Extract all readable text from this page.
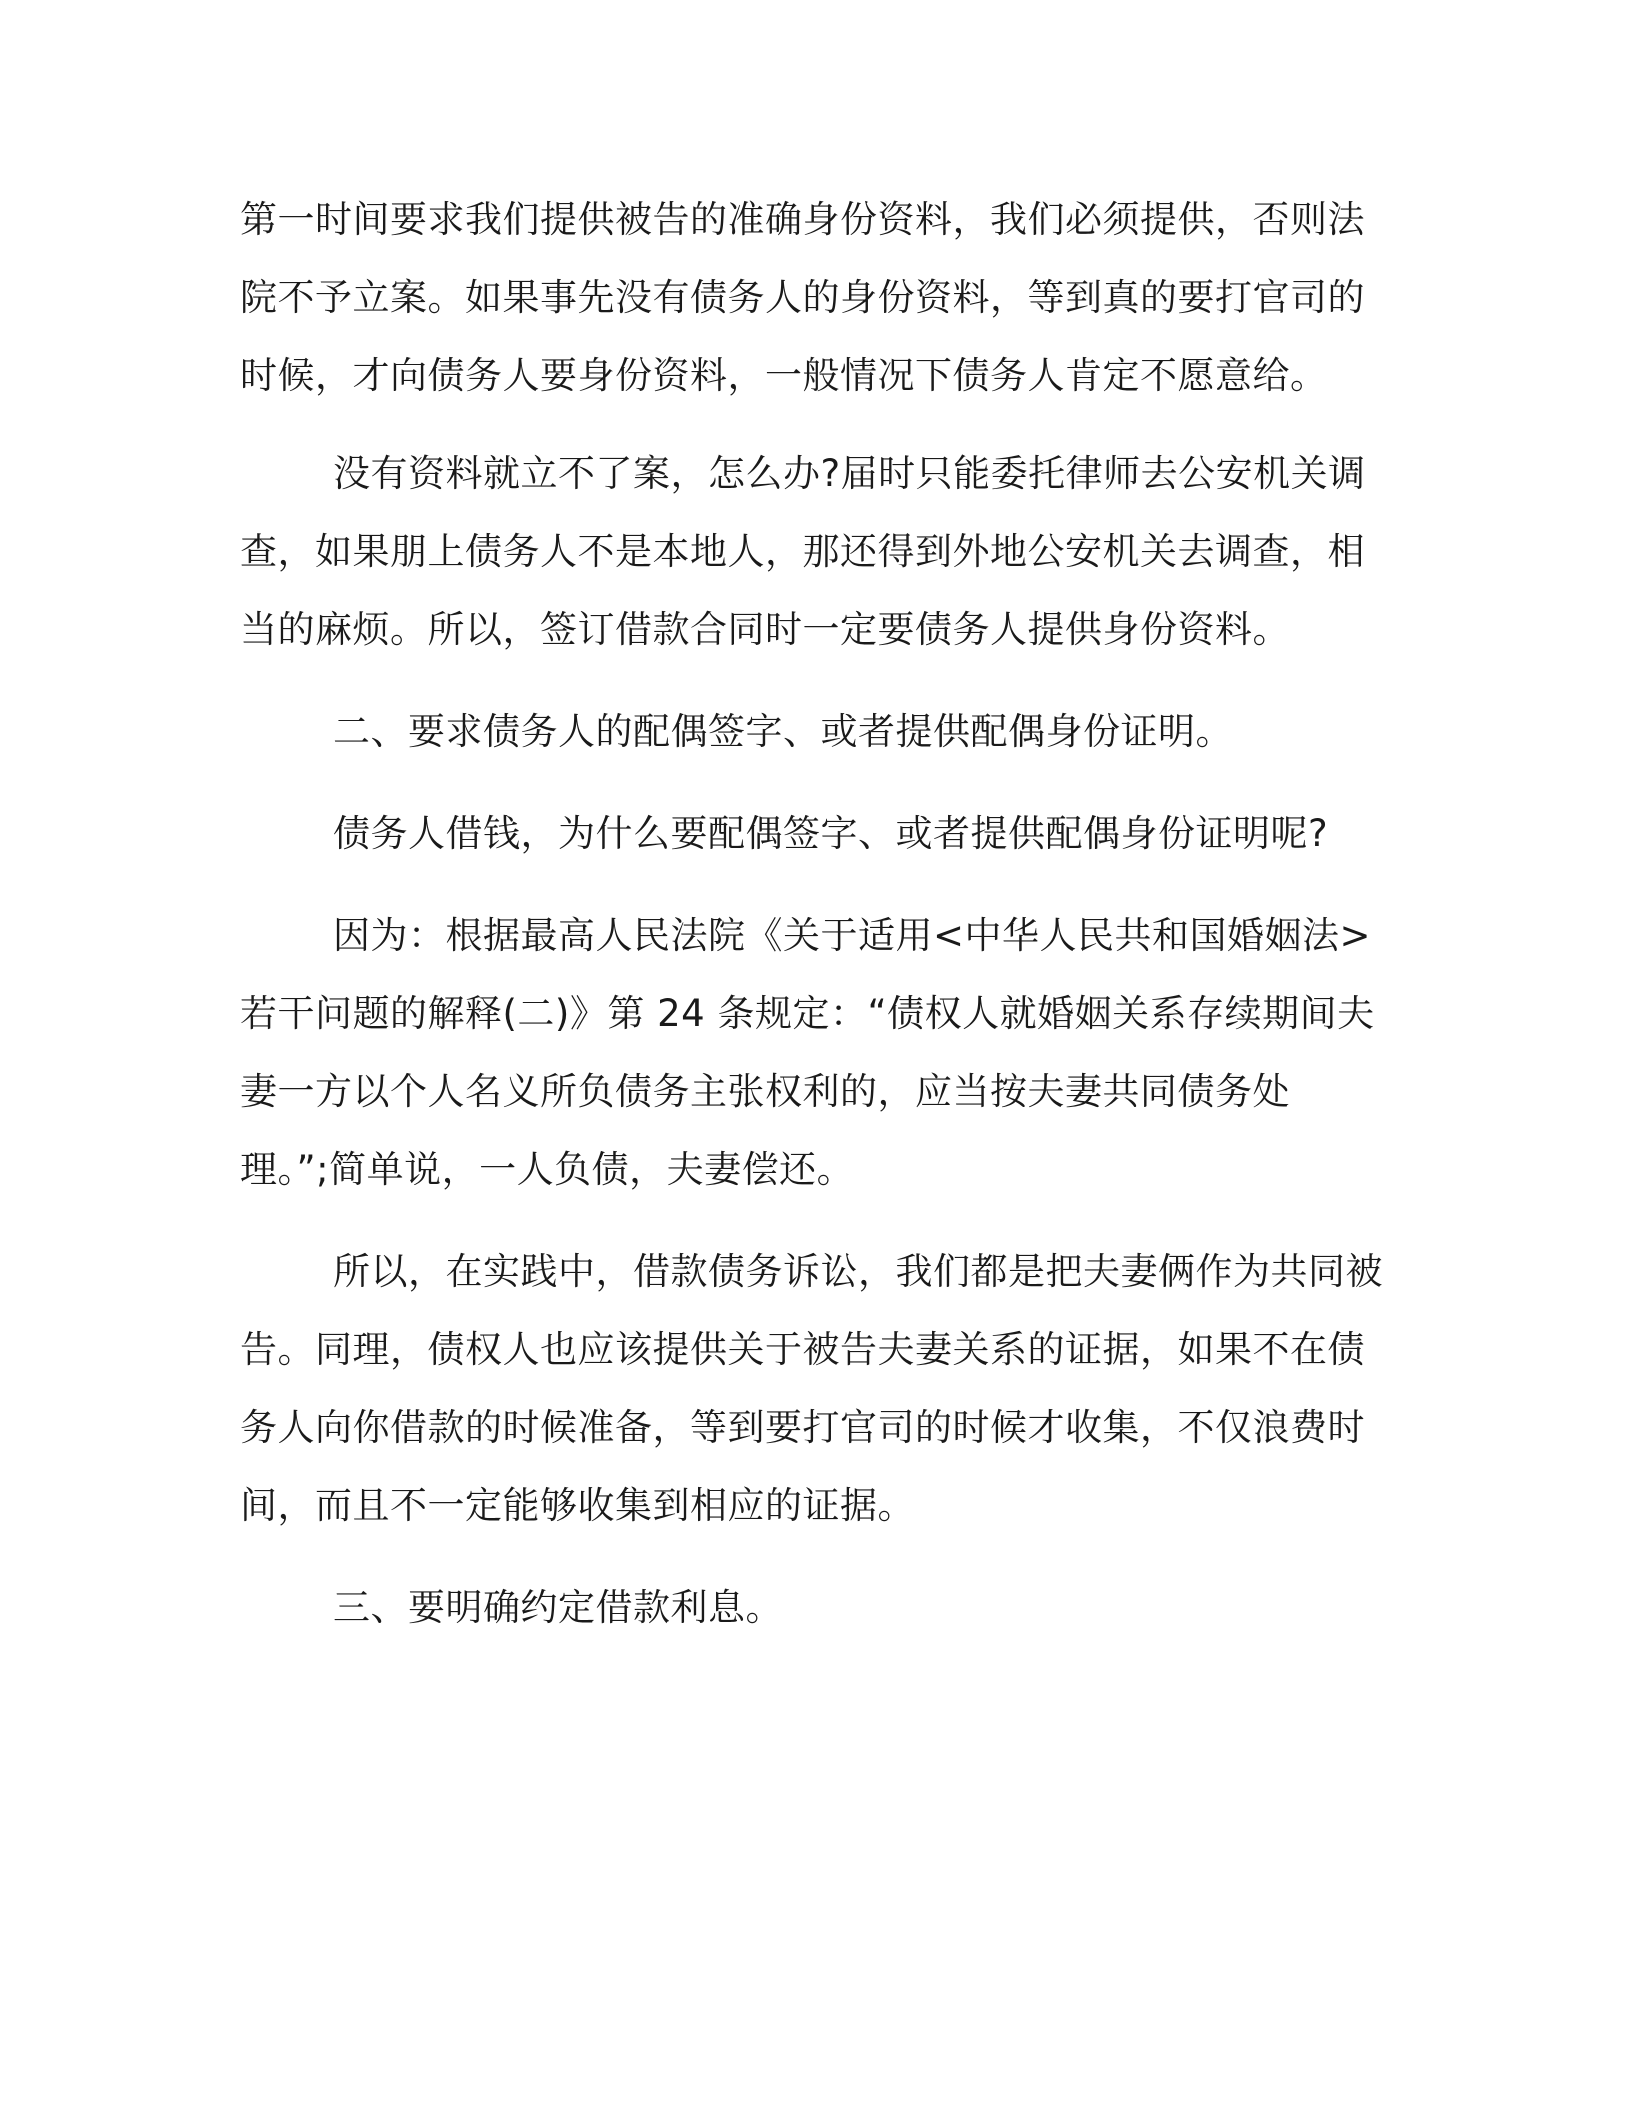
第一时间要求我们提供被告的准确身份资料，我们必须提供，否则法

院不予立案。如果事先没有债务人的身份资料，等到真的要打官司的

时候，才向债务人要身份资料，一般情况下债务人肯定不愿意给。

没有资料就立不了案，怎么办?届时只能委托律师去公安机关调

查，如果朋上债务人不是本地人，那还得到外地公安机关去调查，相

当的麻烦。所以，签订借款合同时一定要债务人提供身份资料。

二、要求债务人的配偶签字、或者提供配偶身份证明。

债务人借钱，为什么要配偶签字、或者提供配偶身份证明呢?

因为：根据最高人民法院《关于适用<中华人民共和国婚姻法>

若干问题的解释(二)》第 24 条规定：“债权人就婚姻关系存续期间夫

妻一方以个人名义所负债务主张权利的，应当按夫妻共同债务处

理。”;简单说，一人负债，夫妻偿还。

所以，在实践中，借款债务诉讼，我们都是把夫妻俩作为共同被

告。同理，债权人也应该提供关于被告夫妻关系的证据，如果不在债

务人向你借款的时候准备，等到要打官司的时候才收集，不仅浪费时

间，而且不一定能够收集到相应的证据。

三、要明确约定借款利息。
